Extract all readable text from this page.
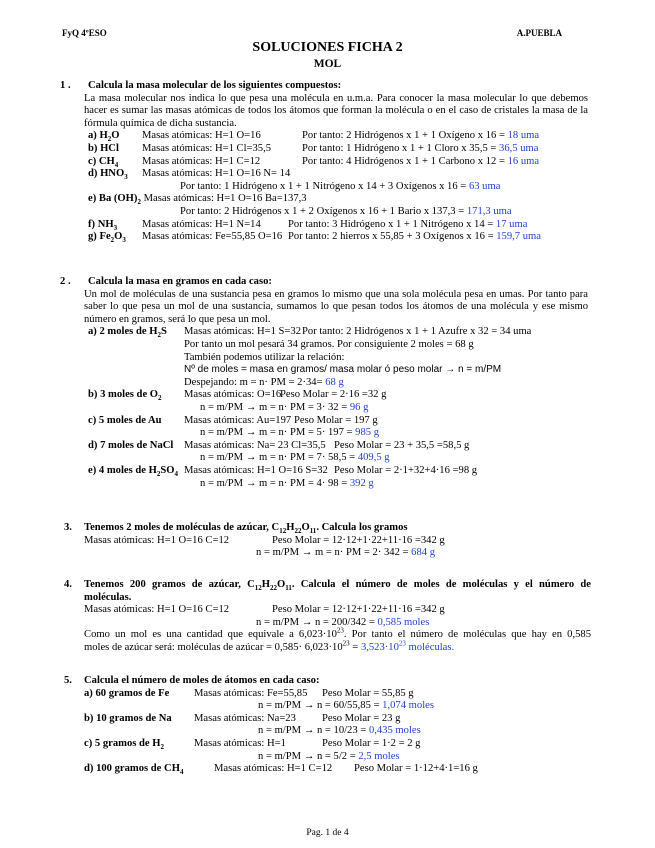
FyQ 4ºESO	A.PUEBLA
SOLUCIONES FICHA 2
MOL
1 . Calcula la masa molecular de los siguientes compuestos:
La masa molecular nos indica lo que pesa una molécula en u.m.a. Para conocer la masa molecular lo que debemos hacer es sumar las masas atómicas de todos los átomos que forman la molécula o en el caso de cristales la masa de la fórmula química de dicha sustancia.
a) $H_2O$ Masas atómicas: H=1 O=16	Por tanto: 2 Hidrógenos x 1 + 1 Oxígeno x 16 = 18 uma
b) HCl Masas atómicas: H=1 Cl=35,5	Por tanto: 1 Hidrógeno x 1 + 1 Cloro x 35,5 = 36,5 uma
c) $CH_4$ Masas atómicas: H=1 C=12	Por tanto: 4 Hidrógenos x 1 + 1 Carbono x 12 = 16 uma
d) $HNO_3$ Masas atómicas: H=1 O=16 N= 14
Por tanto: 1 Hidrógeno x 1 + 1 Nitrógeno x 14 + 3 Oxígenos x 16 = 63 uma
e) Ba $(OH)_2$ Masas atómicas: H=1 O=16 Ba=137,3
Por tanto: 2 Hidrógenos x 1 + 2 Oxígenos x 16 + 1 Bario x 137,3 = 171,3 uma
f) $NH_3$ Masas atómicas: H=1 N=14	Por tanto: 3 Hidrógeno x 1 + 1 Nitrógeno x 14 = 17 uma
g) $Fe_2O_3$ Masas atómicas: Fe=55,85 O=16 Por tanto: 2 hierros x 55,85 + 3 Oxígenos x 16 = 159,7 uma
2 . Calcula la masa en gramos en cada caso:
Un mol de moléculas de una sustancia pesa en gramos lo mismo que una sola molécula pesa en umas. Por tanto para saber lo que pesa un mol de una sustancia, sumamos lo que pesan todos los átomos de una molécula y ese mismo número en gramos, será lo que pesa un mol.
a) 2 moles de $H_2S$ Masas atómicas: H=1 S=32Por tanto: 2 Hidrógenos x 1 + 1 Azufre x 32 = 34 uma
Por tanto un mol pesará 34 gramos. Por consiguiente 2 moles = 68 g
También podemos utilizar la relación:
Nº de moles = masa en gramos/ masa molar ó peso molar → n = m/PM
Despejando: m = n· PM = 2·34= 68 g
b) 3 moles de $O_2$ Masas atómicas: O=16Peso Molar = 2·16 =32 g
n = m/PM → m = n· PM = 3· 32 = 96 g
c) 5 moles de Au Masas atómicas: Au=197 Peso Molar = 197 g
n = m/PM → m = n· PM = 5· 197 = 985 g
d) 7 moles de NaCl Masas atómicas: Na= 23 Cl=35,5 Peso Molar = 23 + 35,5 =58,5 g
n = m/PM → m = n· PM = 7· 58,5 = 409,5 g
e) 4 moles de $H_2SO_4$ Masas atómicas: H=1 O=16 S=32 Peso Molar = 2·1+32+4·16 =98 g
n = m/PM → m = n· PM = 4· 98 = 392 g
3. Tenemos 2 moles de moléculas de azúcar, $C_{12}H_{22}O_{11}$. Calcula los gramos
Masas atómicas: H=1 O=16 C=12	Peso Molar = 12·12+1·22+11·16 =342 g
n = m/PM → m = n· PM = 2· 342 = 684 g
4. Tenemos 200 gramos de azúcar, $C_{12}H_{22}O_{11}$. Calcula el número de moles de moléculas y el número de
moléculas.
Masas atómicas: H=1 O=16 C=12	Peso Molar = 12·12+1·22+11·16 =342 g
n = m/PM → n = 200/342 = 0,585 moles
Como un mol es una cantidad que equivale a $6,023\cdot 10^{23}$. Por tanto el número de moléculas que hay en 0,585
moles de azúcar será: moléculas de azúcar = $0,585\cdot 6,023\cdot 10^{23} = 3,523\cdot 10^{23}$ moléculas.
5. Calcula el número de moles de átomos en cada caso:
a) 60 gramos de Fe Masas atómicas: Fe=55,85 Peso Molar = 55,85 g
n = m/PM → n = 60/55,85 = 1,074 moles
b) 10 gramos de Na Masas atómicas: Na=23 Peso Molar = 23 g
n = m/PM → n = 10/23 = 0,435 moles
c) 5 gramos de $H_2$	Masas atómicas: H=1	Peso Molar = 1·2 = 2 g
n = m/PM → n = 5/2 = 2,5 moles
d) 100 gramos de $CH_4$	Masas atómicas: H=1 C=12 Peso Molar = 1·12+4·1=16 g
Pag. 1 de 4
